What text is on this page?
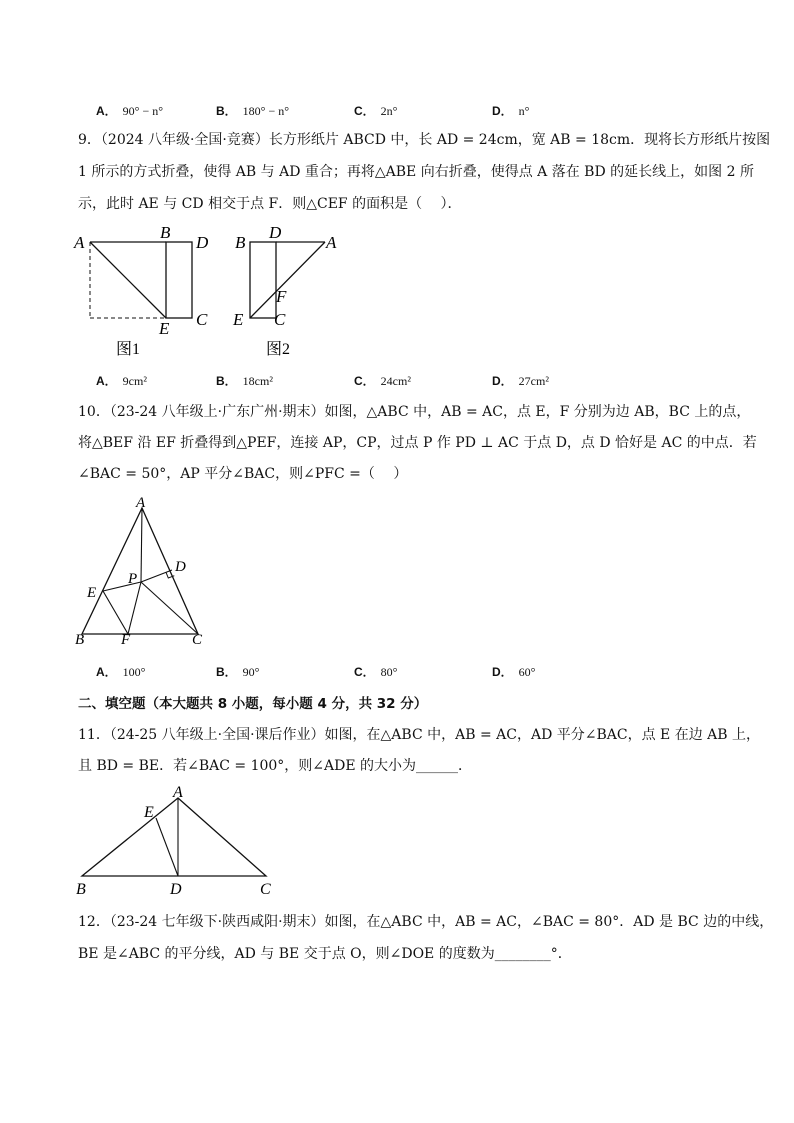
A． 90° − n°	B． 180° − n°	C． 2n°	D． n°
9．（2024 八年级·全国·竞赛）长方形纸片 ABCD 中，长 AD = 24cm，宽 AB = 18cm．现将长方形纸片按图
1 所示的方式折叠，使得 AB 与 AD 重合；再将△ABE 向右折叠，使得点 A 落在 BD 的延长线上，如图 2 所
示，此时 AE 与 CD 相交于点 F．则△CEF 的面积是（　 ）．
A
B
D
E C
图1
B
D
A
F
E C
图2
A． 9cm²	B． 18cm²	C． 24cm²	D． 27cm²
10．（23-24 八年级上·广东广州·期末）如图，△ABC 中，AB = AC，点 E，F 分别为边 AB，BC 上的点，
将△BEF 沿 EF 折叠得到△PEF，连接 AP，CP，过点 P 作 PD ⊥ AC 于点 D，点 D 恰好是 AC 的中点．若
∠BAC = 50°，AP 平分∠BAC，则∠PFC =（　 ）
A
D
P
E
B F	C
A． 100°	B． 90°	C． 80°	D． 60°
二、填空题（本大题共 8 小题，每小题 4 分，共 32 分）
11．（24-25 八年级上·全国·课后作业）如图，在△ABC 中，AB = AC，AD 平分∠BAC，点 E 在边 AB 上，
且 BD = BE．若∠BAC = 100°，则∠ADE 的大小为______．
A
E
B	D	C
12．（23-24 七年级下·陕西咸阳·期末）如图，在△ABC 中，AB = AC，∠BAC = 80°．AD 是 BC 边的中线，
BE 是∠ABC 的平分线，AD 与 BE 交于点 O，则∠DOE 的度数为________°．
